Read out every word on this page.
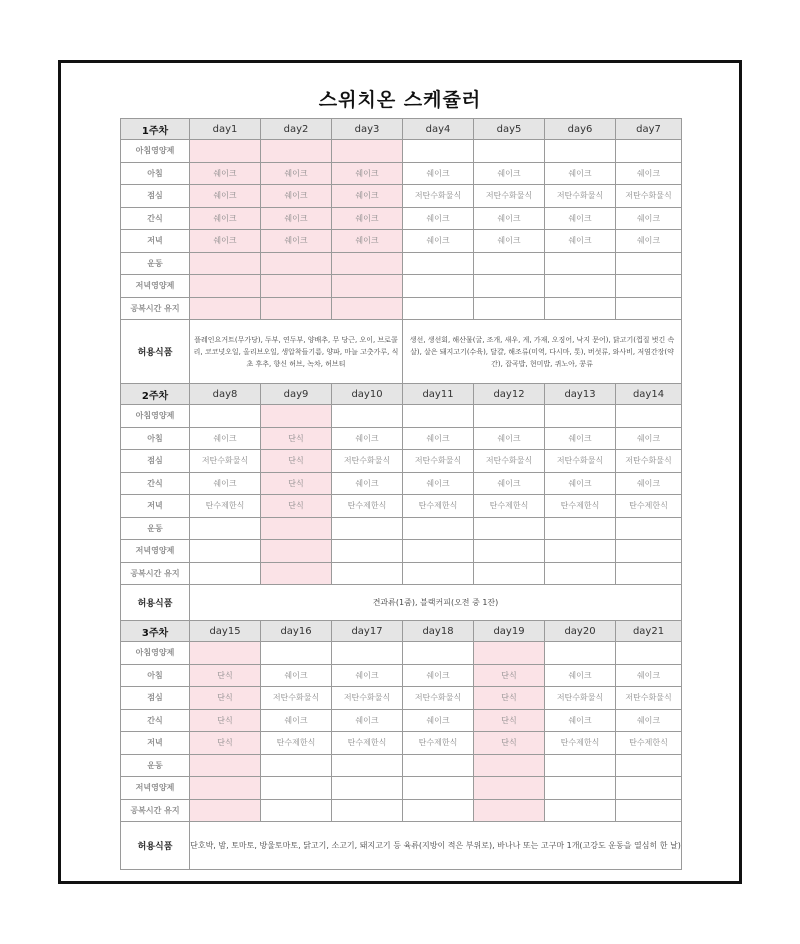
스위치온 스케쥴러
1주차	day1	day2	day3	day4	day5	day6	day7
아침영양제							
아침	쉐이크	쉐이크	쉐이크	쉐이크	쉐이크	쉐이크	쉐이크
점심	쉐이크	쉐이크	쉐이크	저탄수화물식	저탄수화물식	저탄수화물식	저탄수화물식
간식	쉐이크	쉐이크	쉐이크	쉐이크	쉐이크	쉐이크	쉐이크
저녁	쉐이크	쉐이크	쉐이크	쉐이크	쉐이크	쉐이크	쉐이크
운동							
저녁영양제							
공복시간 유지							
허용식품	플레인요거트(무가당), 두부, 연두부, 양배추, 무 당근, 오이, 브로콜리, 코코넛오일, 올리브오일, 생압착들기름, 양파, 마늘 고춧가루, 식초 후추, 향신 허브, 녹차, 허브티			생선, 생선회, 해산물(굴, 조개, 새우, 게, 가재, 오징어, 낙지 문어), 닭고기(껍질 벗긴 속살), 살은 돼지고기(수육), 달걀, 해조류(미역, 다시마, 톳), 버섯류, 와사비, 저염간장(약간), 잡곡밥, 현미밥, 퀴노아, 콩류			
2주차	day8	day9	day10	day11	day12	day13	day14
아침영양제							
아침	쉐이크	단식	쉐이크	쉐이크	쉐이크	쉐이크	쉐이크
점심	저탄수화물식	단식	저탄수화물식	저탄수화물식	저탄수화물식	저탄수화물식	저탄수화물식
간식	쉐이크	단식	쉐이크	쉐이크	쉐이크	쉐이크	쉐이크
저녁	탄수제한식	단식	탄수제한식	탄수제한식	탄수제한식	탄수제한식	탄수제한식
운동							
저녁영양제							
공복시간 유지							
허용식품	견과류(1줌), 블랙커피(오전 중 1잔)						
3주차	day15	day16	day17	day18	day19	day20	day21
아침영양제							
아침	단식	쉐이크	쉐이크	쉐이크	단식	쉐이크	쉐이크
점심	단식	저탄수화물식	저탄수화물식	저탄수화물식	단식	저탄수화물식	저탄수화물식
간식	단식	쉐이크	쉐이크	쉐이크	단식	쉐이크	쉐이크
저녁	단식	탄수제한식	탄수제한식	탄수제한식	단식	탄수제한식	탄수제한식
운동							
저녁영양제							
공복시간 유지							
허용식품	단호박, 밤, 토마토, 방울토마토, 닭고기, 소고기, 돼지고기 등 육류(지방이 적은 부위로), 바나나 또는 고구마 1개(고강도 운동을 열심히 한 날)						
